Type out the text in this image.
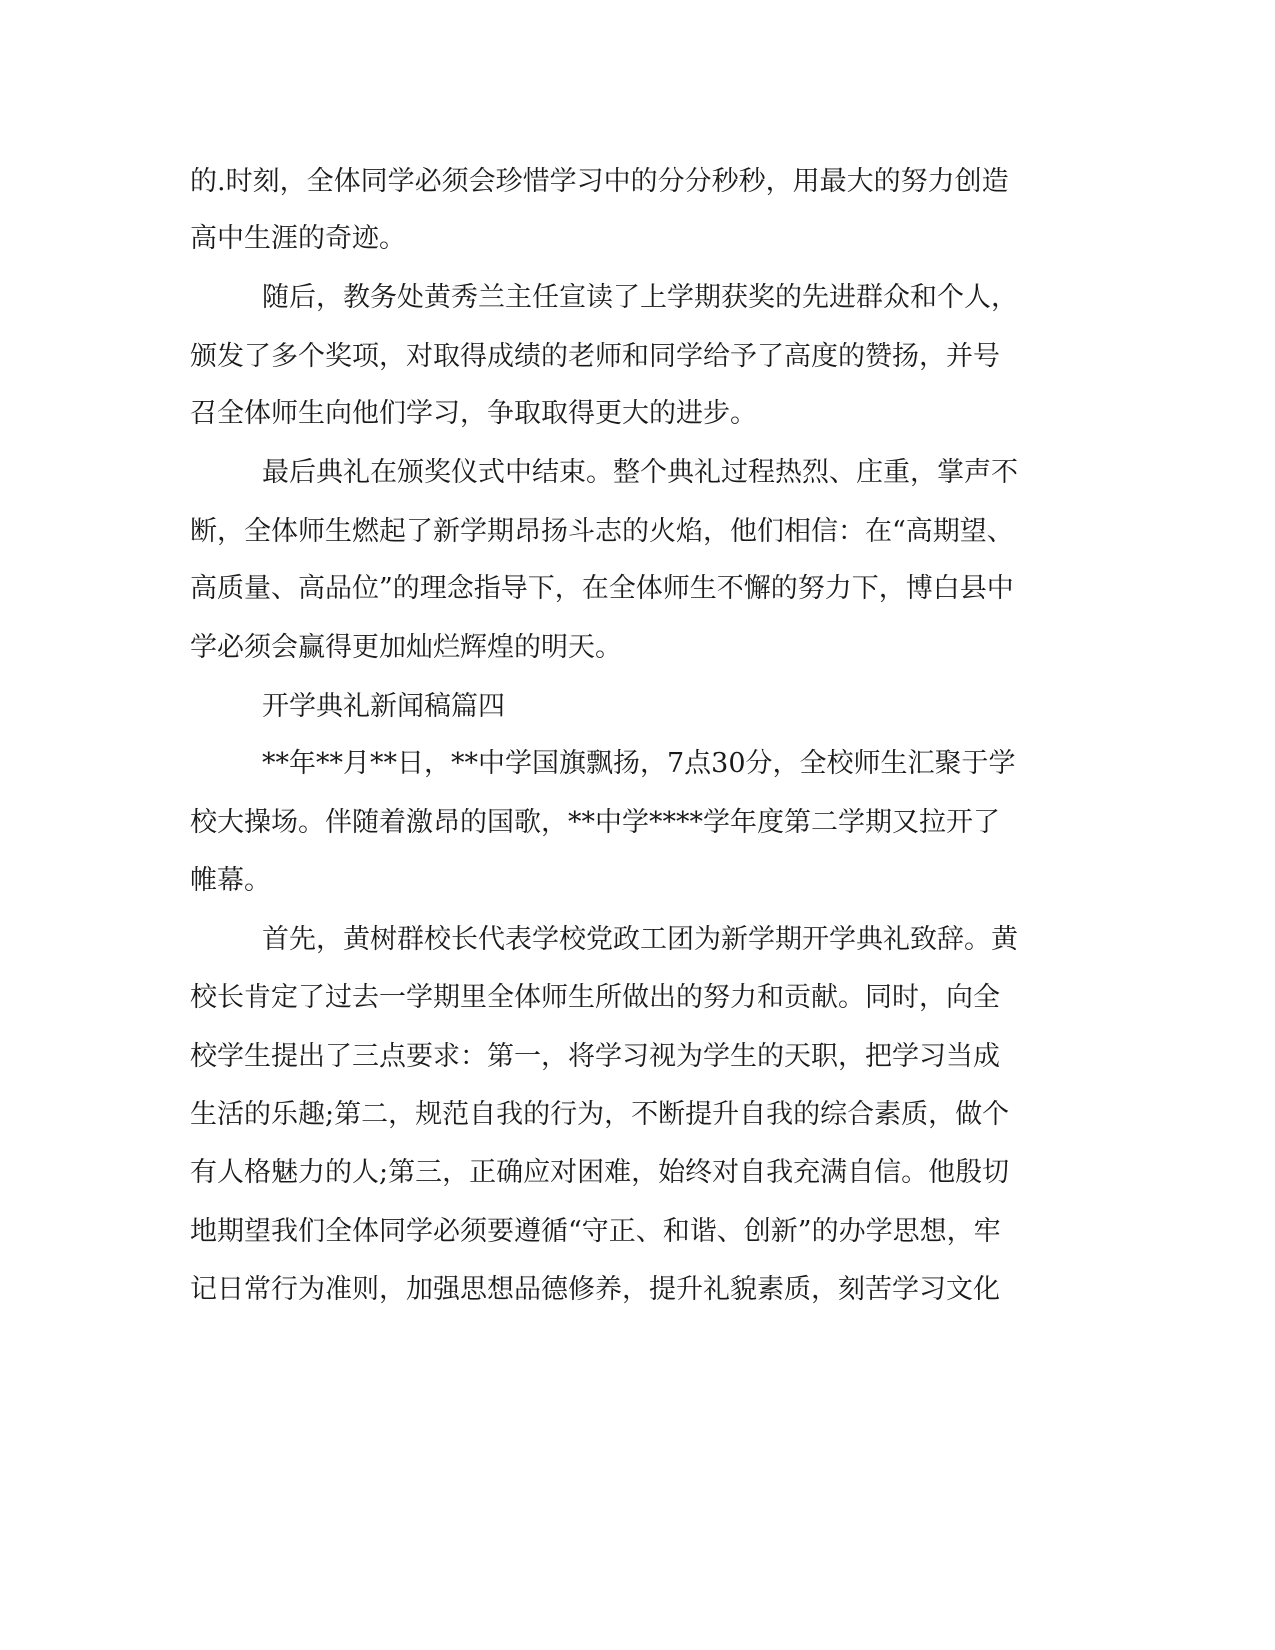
的.时刻，全体同学必须会珍惜学习中的分分秒秒，用最大的努力创造
高中生涯的奇迹。
随后，教务处黄秀兰主任宣读了上学期获奖的先进群众和个人，
颁发了多个奖项，对取得成绩的老师和同学给予了高度的赞扬，并号
召全体师生向他们学习，争取取得更大的进步。
最后典礼在颁奖仪式中结束。整个典礼过程热烈、庄重，掌声不
断，全体师生燃起了新学期昂扬斗志的火焰，他们相信：在“高期望、
高质量、高品位”的理念指导下，在全体师生不懈的努力下，博白县中
学必须会赢得更加灿烂辉煌的明天。
开学典礼新闻稿篇四
**年**月**日，**中学国旗飘扬，7点30分，全校师生汇聚于学
校大操场。伴随着激昂的国歌，**中学****学年度第二学期又拉开了
帷幕。
首先，黄树群校长代表学校党政工团为新学期开学典礼致辞。黄
校长肯定了过去一学期里全体师生所做出的努力和贡献。同时，向全
校学生提出了三点要求：第一，将学习视为学生的天职，把学习当成
生活的乐趣;第二，规范自我的行为，不断提升自我的综合素质，做个
有人格魅力的人;第三，正确应对困难，始终对自我充满自信。他殷切
地期望我们全体同学必须要遵循“守正、和谐、创新”的办学思想，牢
记日常行为准则，加强思想品德修养，提升礼貌素质，刻苦学习文化
